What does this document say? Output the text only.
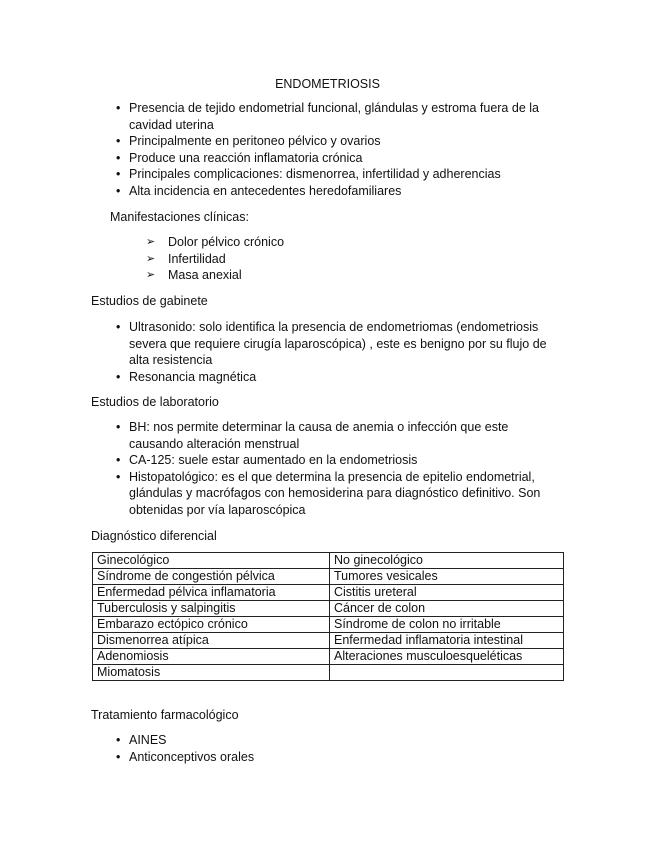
ENDOMETRIOSIS
• Presencia de tejido endometrial funcional, glándulas y estroma fuera de la
cavidad uterina
• Principalmente en peritoneo pélvico y ovarios
• Produce una reacción inflamatoria crónica
• Principales complicaciones: dismenorrea, infertilidad y adherencias
• Alta incidencia en antecedentes heredofamiliares
Manifestaciones clínicas:
➢ Dolor pélvico crónico
➢ Infertilidad
➢ Masa anexial
Estudios de gabinete
• Ultrasonido: solo identifica la presencia de endometriomas (endometriosis
severa que requiere cirugía laparoscópica) , este es benigno por su flujo de
alta resistencia
• Resonancia magnética
Estudios de laboratorio
• BH: nos permite determinar la causa de anemia o infección que este
causando alteración menstrual
• CA-125: suele estar aumentado en la endometriosis
• Histopatológico: es el que determina la presencia de epitelio endometrial,
glándulas y macrófagos con hemosiderina para diagnóstico definitivo. Son
obtenidas por vía laparoscópica
Diagnóstico diferencial
Ginecológico	No ginecológico
Síndrome de congestión pélvica	Tumores vesicales
Enfermedad pélvica inflamatoria	Cistitis ureteral
Tuberculosis y salpingitis	Cáncer de colon
Embarazo ectópico crónico	Síndrome de colon no irritable
Dismenorrea atípica	Enfermedad inflamatoria intestinal
Adenomiosis	Alteraciones musculoesqueléticas
Miomatosis	
Tratamiento farmacológico
• AINES
• Anticonceptivos orales
